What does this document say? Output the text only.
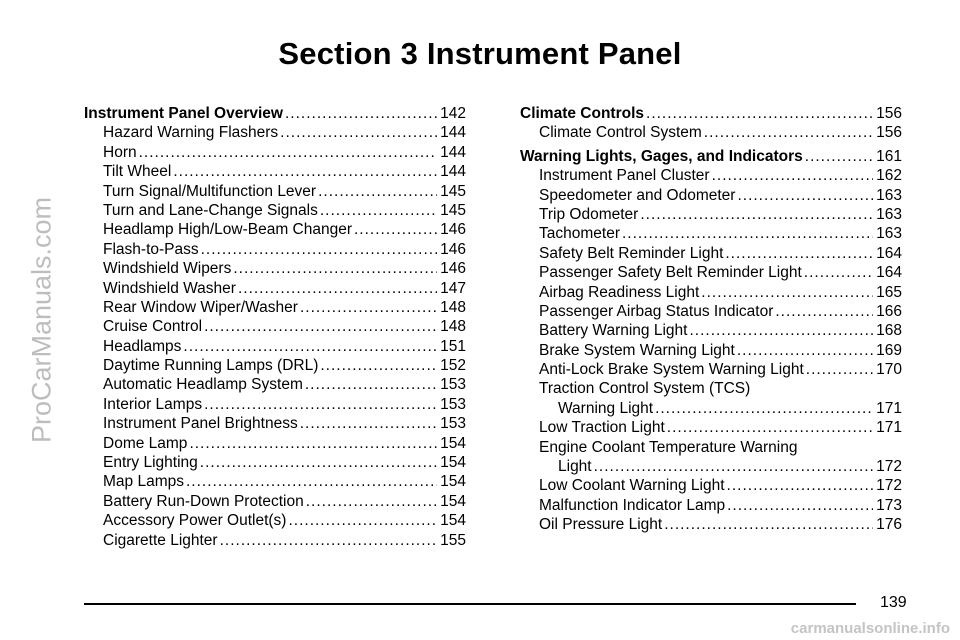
Section 3 Instrument Panel
Instrument Panel Overview .....	142
Hazard Warning Flashers .....	144
Horn .....	144
Tilt Wheel .....	144
Turn Signal/Multifunction Lever .....	145
Turn and Lane-Change Signals .....	145
Headlamp High/Low-Beam Changer .....	146
Flash-to-Pass .....	146
Windshield Wipers .....	146
Windshield Washer .....	147
Rear Window Wiper/Washer .....	148
Cruise Control .....	148
Headlamps .....	151
Daytime Running Lamps (DRL) .....	152
Automatic Headlamp System .....	153
Interior Lamps .....	153
Instrument Panel Brightness .....	153
Dome Lamp .....	154
Entry Lighting .....	154
Map Lamps .....	154
Battery Run-Down Protection .....	154
Accessory Power Outlet(s) .....	154
Cigarette Lighter .....	155
Climate Controls .....	156
Climate Control System .....	156
Warning Lights, Gages, and Indicators .....	161
Instrument Panel Cluster .....	162
Speedometer and Odometer .....	163
Trip Odometer .....	163
Tachometer .....	163
Safety Belt Reminder Light .....	164
Passenger Safety Belt Reminder Light .....	164
Airbag Readiness Light .....	165
Passenger Airbag Status Indicator .....	166
Battery Warning Light .....	168
Brake System Warning Light .....	169
Anti-Lock Brake System Warning Light .....	170
Traction Control System (TCS)
Warning Light .....	171
Low Traction Light .....	171
Engine Coolant Temperature Warning
Light .....	172
Low Coolant Warning Light .....	172
Malfunction Indicator Lamp .....	173
Oil Pressure Light .....	176
139
ProCarManuals.com
carmanualsonline.info
